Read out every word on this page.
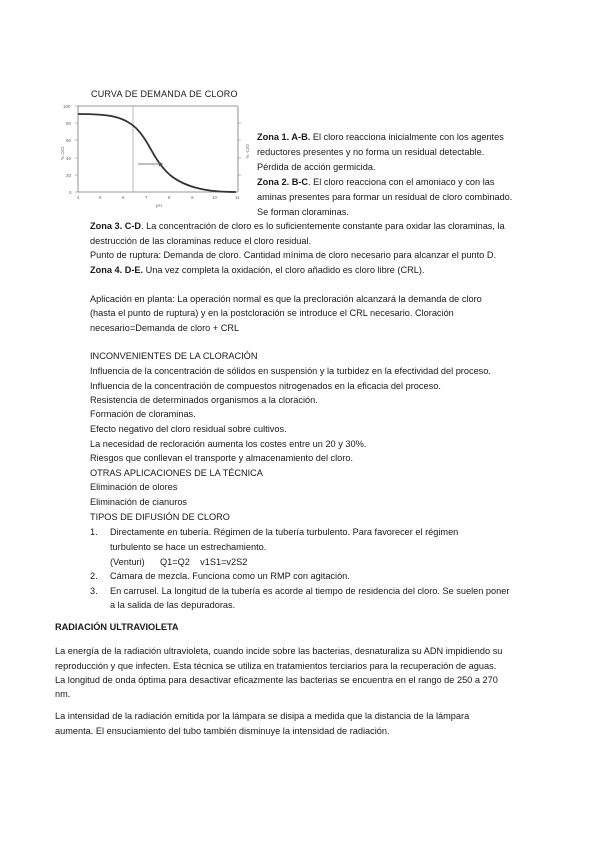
CURVA DE DEMANDA DE CLORO
100
80
60
40
20
0
4	5	6	7	8	9	10	11
pH
% OCI	OCl- %
Zona 1. A-B. El cloro reacciona inicialmente con los agentes
reductores presentes y no forma un residual detectable.
Pérdida de acción germicida.
Zona 2. B-C. El cloro reacciona con el amoniaco y con las
aminas presentes para formar un residual de cloro combinado.
Se forman cloraminas.
Zona 3. C-D. La concentración de cloro es lo suficientemente constante para oxidar las cloraminas, la
destrucción de las cloraminas reduce el cloro residual.
Punto de ruptura: Demanda de cloro. Cantidad mínima de cloro necesario para alcanzar el punto D.
Zona 4. D-E. Una vez completa la oxidación, el cloro añadido es cloro libre (CRL).
Aplicación en planta: La operación normal es que la precloración alcanzará la demanda de cloro
(hasta el punto de ruptura) y en la postcloración se introduce el CRL necesario. Cloración
necesario=Demanda de cloro + CRL
INCONVENIENTES DE LA CLORACIÓN
Influencia de la concentración de sólidos en suspensión y la turbidez en la efectividad del proceso.
Influencia de la concentración de compuestos nitrogenados en la eficacia del proceso.
Resistencia de determinados organismos a la cloración.
Formación de cloraminas.
Efecto negativo del cloro residual sobre cultivos.
La necesidad de recloración aumenta los costes entre un 20 y 30%.
Riesgos que conllevan el transporte y almacenamiento del cloro.
OTRAS APLICACIONES DE LA TÉCNICA
Eliminación de olores
Eliminación de cianuros
TIPOS DE DIFUSIÓN DE CLORO
1.	Directamente en tubería. Régimen de la tubería turbulento. Para favorecer el régimen
turbulento se hace un estrechamiento.
(Venturi)      Q1=Q2    v1S1=v2S2
2.	Cámara de mezcla. Funciona como un RMP con agitación.
3.	En carrusel. La longitud de la tubería es acorde al tiempo de residencia del cloro. Se suelen poner
a la salida de las depuradoras.
RADIACIÓN ULTRAVIOLETA
La energía de la radiación ultravioleta, cuando incide sobre las bacterias, desnaturaliza su ADN impidiendo su
reproducción y que infecten. Esta técnica se utiliza en tratamientos terciarios para la recuperación de aguas.
La longitud de onda óptima para desactivar eficazmente las bacterias se encuentra en el rango de 250 a 270
nm.
La intensidad de la radiación emitida por la lámpara se disipa a medida que la distancia de la lámpara
aumenta. El ensuciamiento del tubo también disminuye la intensidad de radiación.
